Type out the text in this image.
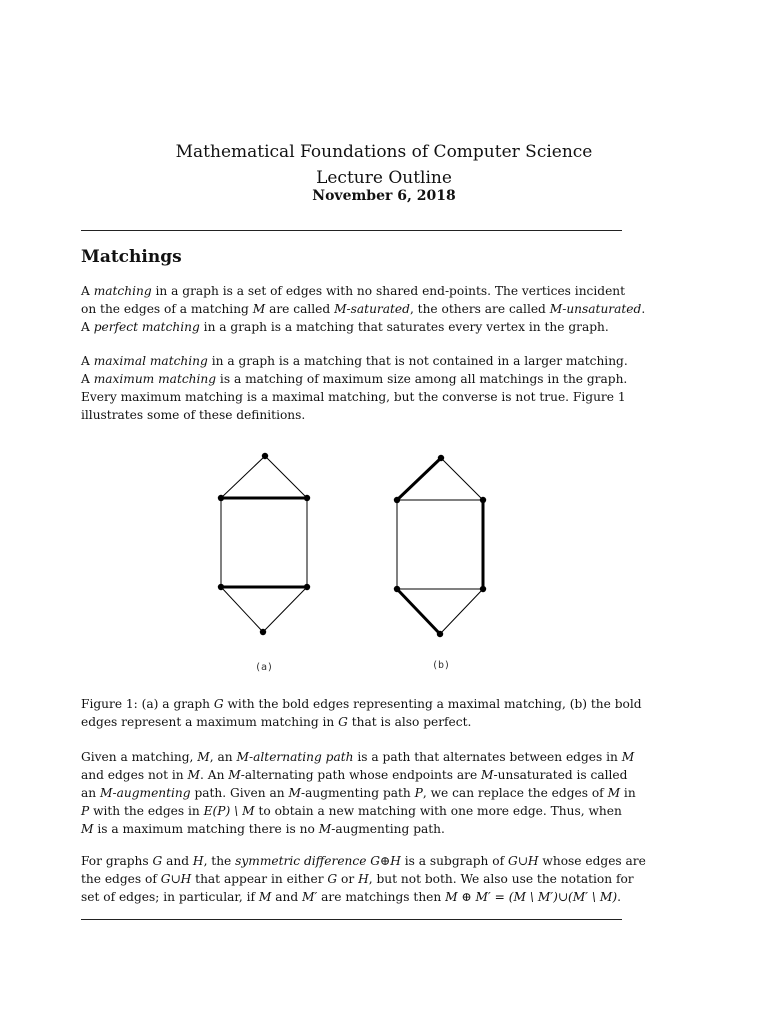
Mathematical Foundations of Computer Science
Lecture Outline
November 6, 2018
Matchings
A matching in a graph is a set of edges with no shared end-points. The vertices incident
on the edges of a matching M are called M-saturated, the others are called M-unsaturated.
A perfect matching in a graph is a matching that saturates every vertex in the graph.
A maximal matching in a graph is a matching that is not contained in a larger matching.
A maximum matching is a matching of maximum size among all matchings in the graph.
Every maximum matching is a maximal matching, but the converse is not true. Figure 1
illustrates some of these definitions.
(a)	(b)
Figure 1: (a) a graph G with the bold edges representing a maximal matching, (b) the bold
edges represent a maximum matching in G that is also perfect.
Given a matching, M, an M-alternating path is a path that alternates between edges in M
and edges not in M. An M-alternating path whose endpoints are M-unsaturated is called
an M-augmenting path. Given an M-augmenting path P, we can replace the edges of M in
P with the edges in E(P) \ M to obtain a new matching with one more edge. Thus, when
M is a maximum matching there is no M-augmenting path.
For graphs G and H, the symmetric difference G⊕H is a subgraph of G∪H whose edges are
the edges of G∪H that appear in either G or H, but not both. We also use the notation for
set of edges; in particular, if M and M′ are matchings then M ⊕ M′ = (M \ M′)∪(M′ \ M).
